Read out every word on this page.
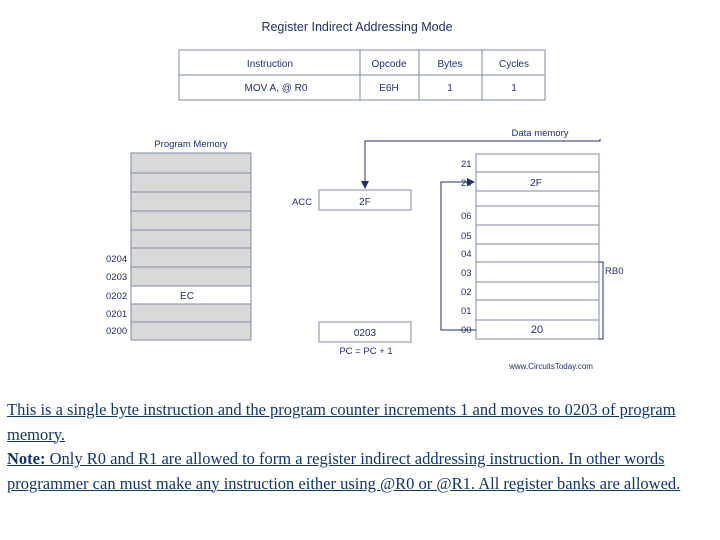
Register Indirect Addressing Mode
Instruction	Opcode	Bytes	Cycles
MOV A, @ R0	E6H	1	1
Program Memory
0204
0203
0202
0201
0200
EC
ACC	2F
0203
PC = PC + 1
Data memory
21
20
06
05
04
03
02
01
00
2F
20
RB0
www.CircuitsToday.com
This is a single byte instruction and the program counter increments 1 and moves to 0203 of program memory.
Note: Only R0 and R1 are allowed to form a register indirect addressing instruction. In other words programmer can must make any instruction either using @R0 or @R1. All register banks are allowed.
